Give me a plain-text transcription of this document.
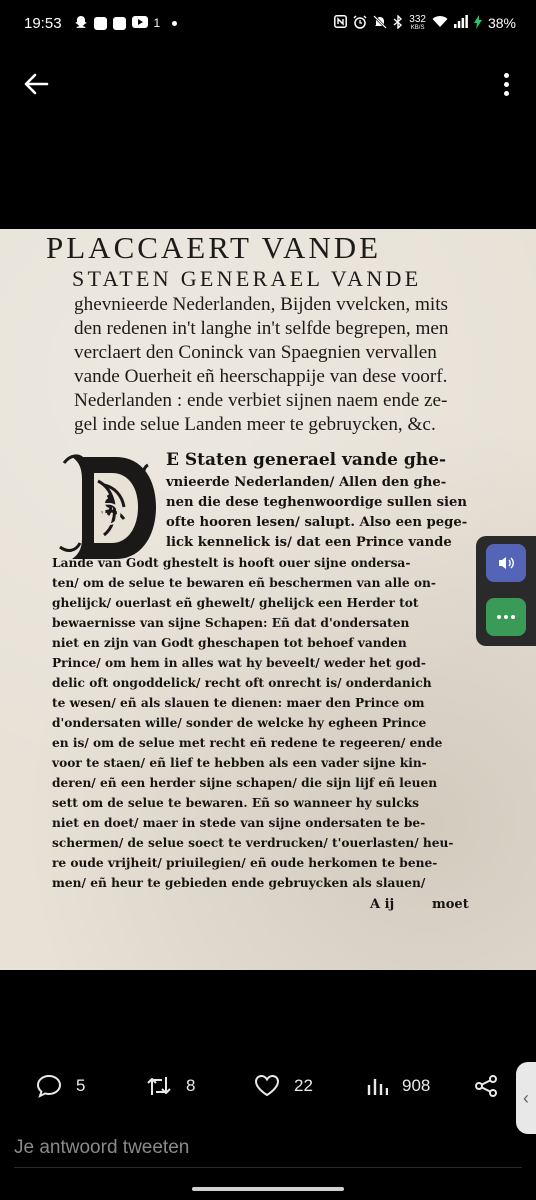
19:53	1	332
KB/S	38%
PLACCAERT VANDE
STATEN GENERAEL VANDE
ghevnieerde Nederlanden, Bijden vvelcken, mits
den redenen in't langhe in't selfde begrepen, men
verclaert den Coninck van Spaegnien vervallen
vande Ouerheit eñ heerschappije van dese voorf.
Nederlanden : ende verbiet sijnen naem ende ze-
gel inde selue Landen meer te gebruycken, &c.
D
E Staten generael vande ghe-
vnieerde Nederlanden/ Allen den ghe-
nen die dese teghenwoordige sullen sien
ofte hooren lesen/ salupt. Also een pege-
lick kennelick is/ dat een Prince vande
Lande van Godt ghestelt is hooft ouer sijne ondersa-
ten/ om de selue te bewaren eñ beschermen van alle on-
ghelijck/ ouerlast eñ ghewelt/ ghelijck een Herder tot
bewaernisse van sijne Schapen: Eñ dat d'ondersaten
niet en zijn van Godt gheschapen tot behoef vanden
Prince/ om hem in alles wat hy beveelt/ weder het god-
delic oft ongoddelick/ recht oft onrecht is/ onderdanich
te wesen/ eñ als slauen te dienen: maer den Prince om
d'ondersaten wille/ sonder de welcke hy egheen Prince
en is/ om de selue met recht eñ redene te regeeren/ ende
voor te staen/ eñ lief te hebben als een vader sijne kin-
deren/ eñ een herder sijne schapen/ die sijn lijf eñ leuen
sett om de selue te bewaren. Eñ so wanneer hy sulcks
niet en doet/ maer in stede van sijne ondersaten te be-
schermen/ de selue soect te verdrucken/ t'ouerlasten/ heu-
re oude vrijheit/ priuilegien/ eñ oude herkomen te bene-
men/ eñ heur te gebieden ende gebruycken als slauen/
A ij	moet
5	8	22	908
‹
Je antwoord tweeten
